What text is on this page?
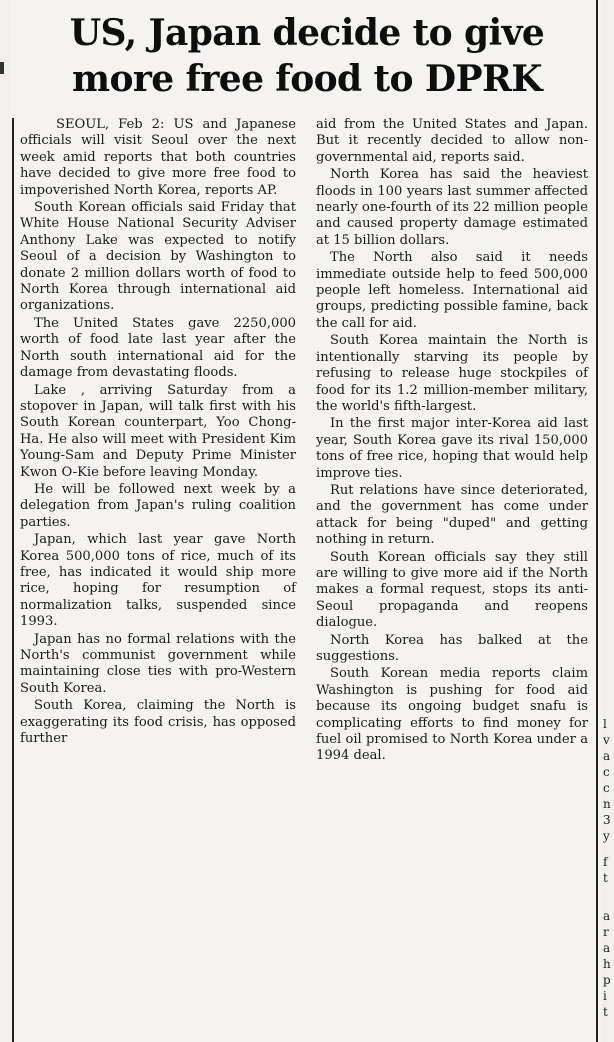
US, Japan decide to give
more free food to DPRK

SEOUL, Feb 2: US and Japanese officials will visit Seoul over the next week amid reports that both countries have decided to give more free food to impoverished North Korea, reports AP.

South Korean officials said Friday that White House National Security Adviser Anthony Lake was expected to notify Seoul of a decision by Washington to donate 2 million dollars worth of food to North Korea through international aid organizations.

The United States gave 2250,000 worth of food late last year after the North south international aid for the damage from devastating floods.

Lake , arriving Saturday from a stopover in Japan, will talk first with his South Korean counterpart, Yoo Chong-Ha. He also will meet with President Kim Young-Sam and Deputy Prime Minister Kwon O-Kie before leaving Monday.

He will be followed next week by a delegation from Japan's ruling coalition parties.

Japan, which last year gave North Korea 500,000 tons of rice, much of its free, has indicated it would ship more rice, hoping for resumption of normalization talks, suspended since 1993.

Japan has no formal relations with the North's communist government while maintaining close ties with pro-Western South Korea.

South Korea, claiming the North is exaggerating its food crisis, has opposed further

aid from the United States and Japan. But it recently decided to allow non-governmental aid, reports said.

North Korea has said the heaviest floods in 100 years last summer affected nearly one-fourth of its 22 million people and caused property damage estimated at 15 billion dollars.

The North also said it needs immediate outside help to feed 500,000 people left homeless. International aid groups, predicting possible famine, back the call for aid.

South Korea maintain the North is intentionally starving its people by refusing to release huge stockpiles of food for its 1.2 million-member military, the world's fifth-largest.

In the first major inter-Korea aid last year, South Korea gave its rival 150,000 tons of free rice, hoping that would help improve ties.

Rut relations have since deteriorated, and the government has come under attack for being "duped" and getting nothing in return.

South Korean officials say they still are willing to give more aid if the North makes a formal request, stops its anti-Seoul propaganda and reopens dialogue.

North Korea has balked at the suggestions.

South Korean media reports claim Washington is pushing for food aid because its ongoing budget snafu is complicating efforts to find money for fuel oil promised to North Korea under a 1994 deal.

l
v
a
c
c
n
3
y
f
t
a
r
a
h
p
i
t
